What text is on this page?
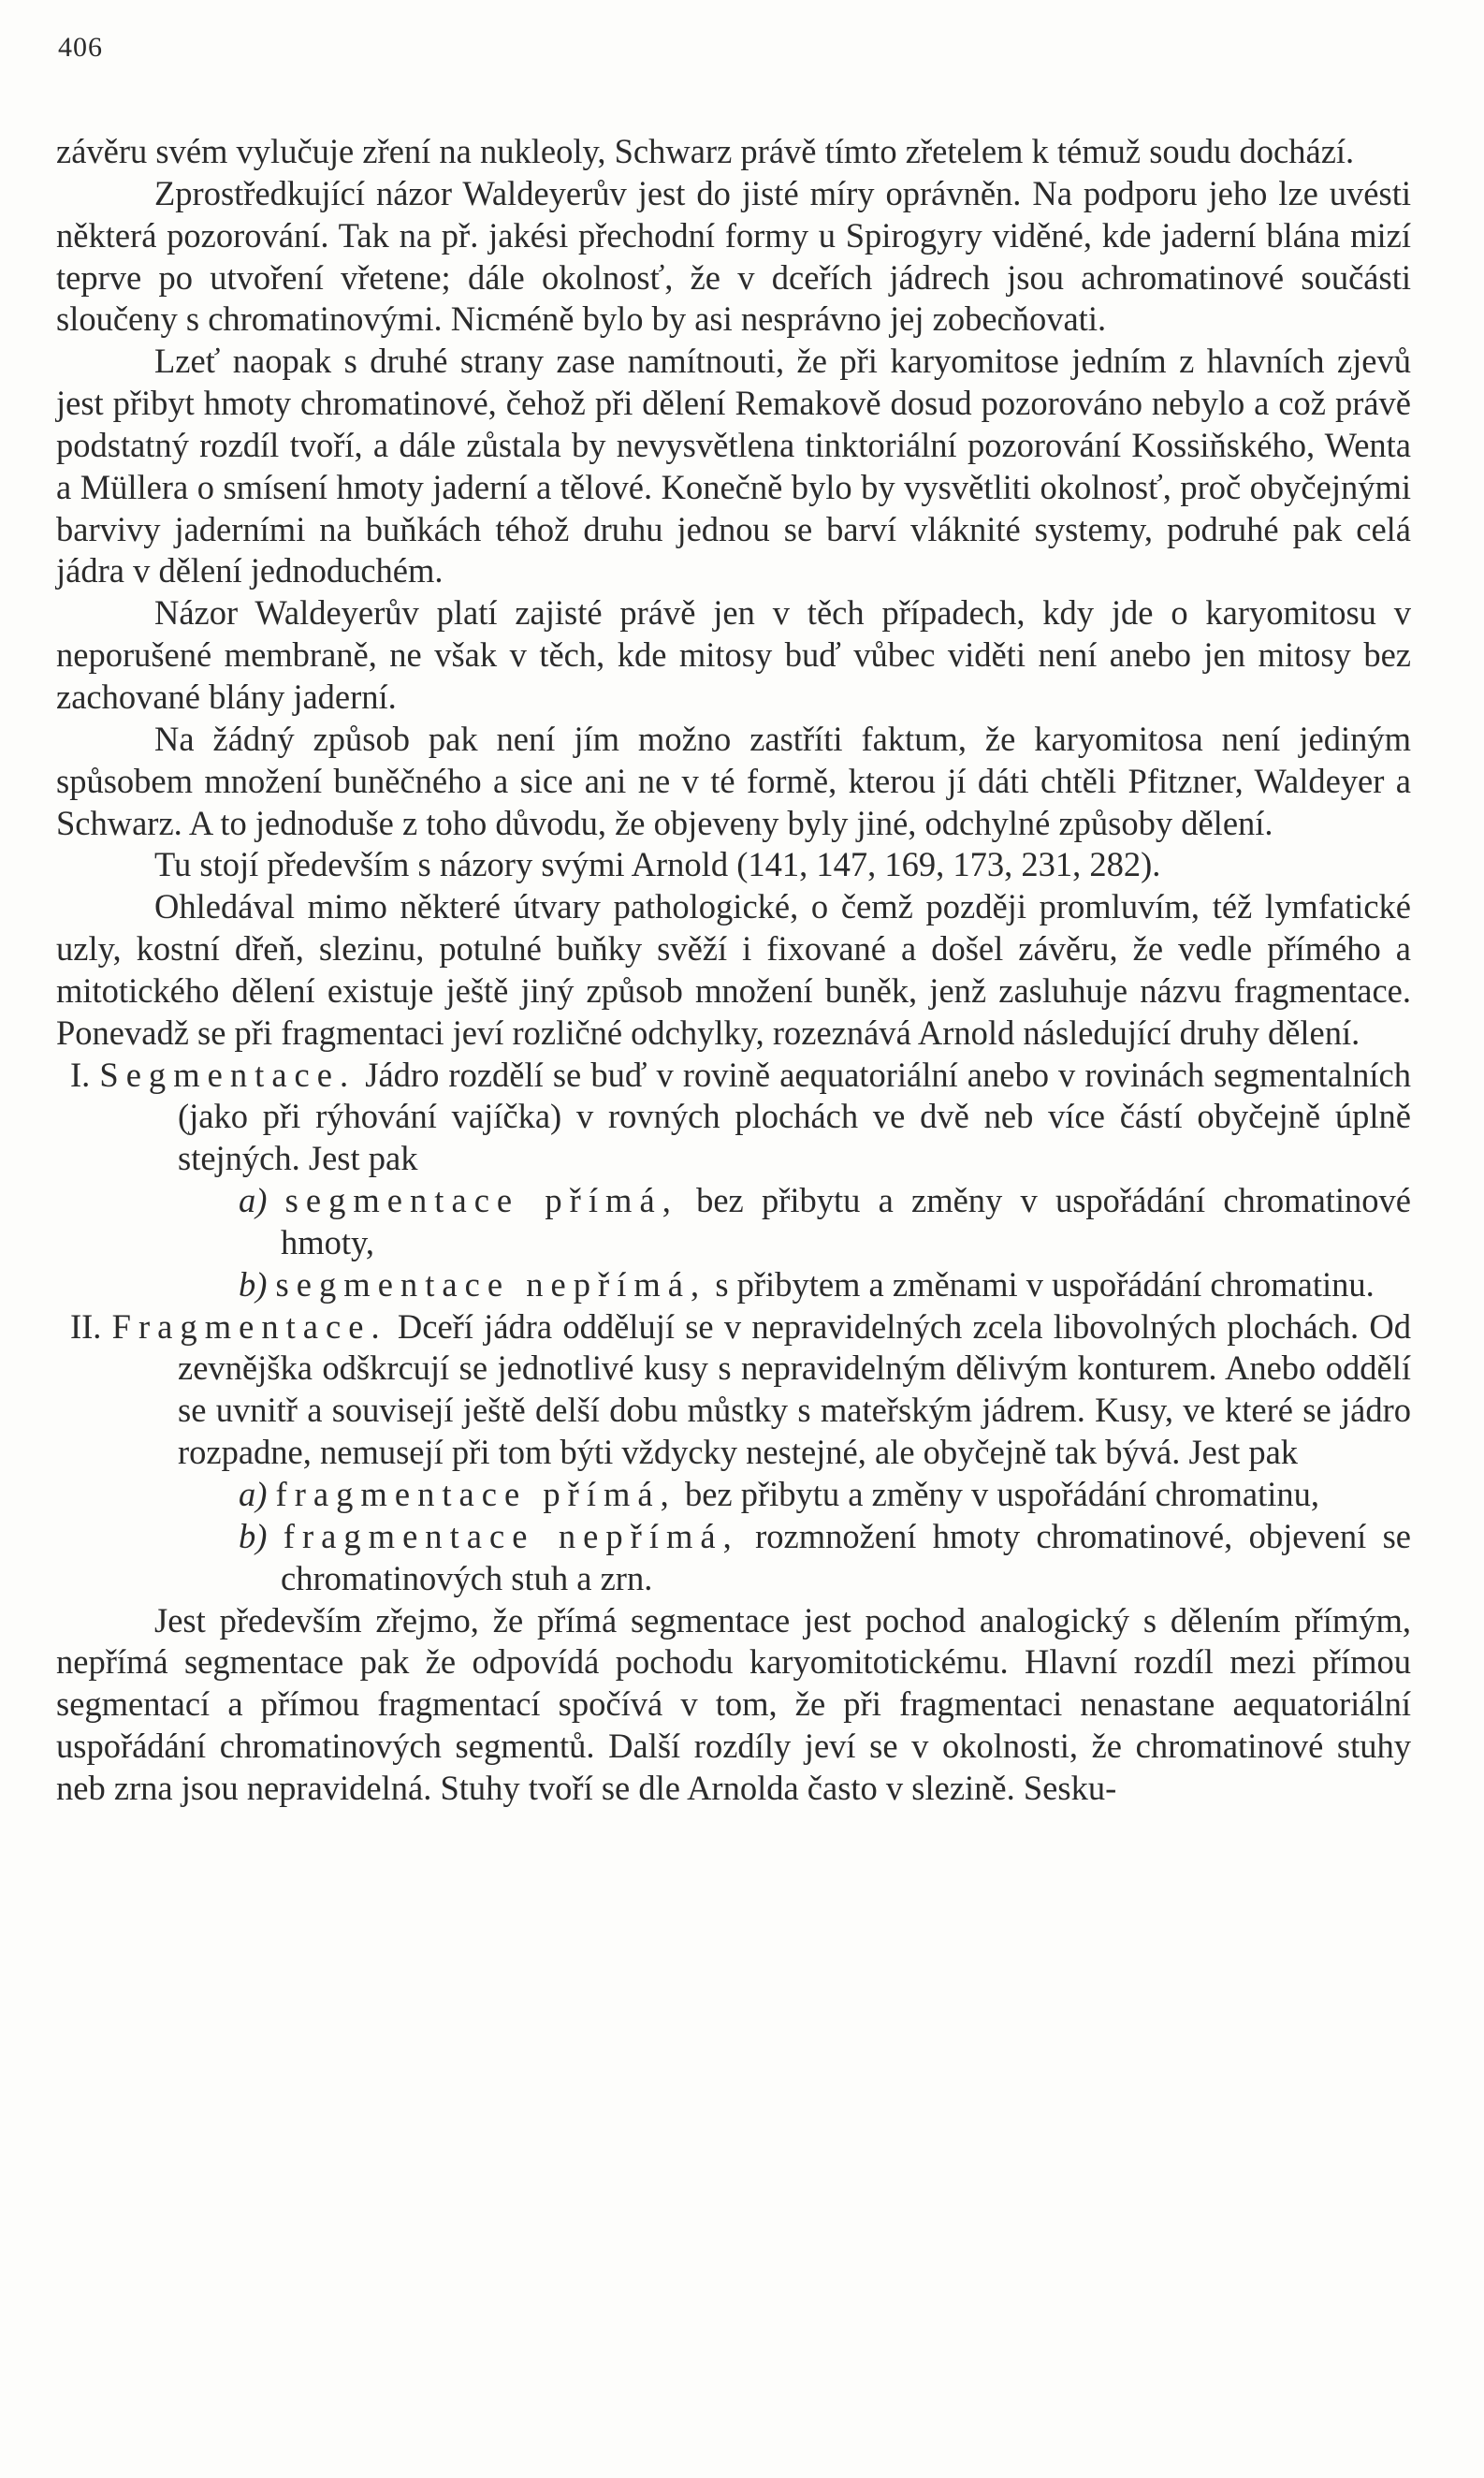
406

závěru svém vylučuje zření na nukleoly, Schwarz právě tímto zřetelem k témuž soudu dochází.

Zprostředkující názor Waldeyerův jest do jisté míry oprávněn. Na podporu jeho lze uvésti některá pozorování. Tak na př. jakési přechodní formy u Spirogyry viděné, kde jaderní blána mizí teprve po utvoření vřetene; dále okolnosť, že v dceřích jádrech jsou achromatinové součásti sloučeny s chromatinovými. Nicméně bylo by asi nesprávno jej zobecňovati.

Lzeť naopak s druhé strany zase namítnouti, že při karyomitose jedním z hlavních zjevů jest přibyt hmoty chromatinové, čehož při dělení Remakově dosud pozorováno nebylo a což právě podstatný rozdíl tvoří, a dále zůstala by nevysvětlena tinktoriální pozorování Kossiňského, Wenta a Müllera o smísení hmoty jaderní a tělové. Konečně bylo by vysvětliti okolnosť, proč obyčejnými barvivy jaderními na buňkách téhož druhu jednou se barví vláknité systemy, podruhé pak celá jádra v dělení jednoduchém.

Názor Waldeyerův platí zajisté právě jen v těch případech, kdy jde o karyomitosu v neporušené membraně, ne však v těch, kde mitosy buď vůbec viděti není anebo jen mitosy bez zachované blány jaderní.

Na žádný způsob pak není jím možno zastříti faktum, že karyomitosa není jediným spůsobem množení buněčného a sice ani ne v té formě, kterou jí dáti chtěli Pfitzner, Waldeyer a Schwarz. A to jednoduše z toho důvodu, že objeveny byly jiné, odchylné způsoby dělení.

Tu stojí především s názory svými Arnold (141, 147, 169, 173, 231, 282).

Ohledával mimo některé útvary pathologické, o čemž později promluvím, též lymfatické uzly, kostní dřeň, slezinu, potulné buňky svěží i fixované a došel závěru, že vedle přímého a mitotického dělení existuje ještě jiný způsob množení buněk, jenž zasluhuje názvu fragmentace. Ponevadž se při fragmentaci jeví rozličné odchylky, rozeznává Arnold následující druhy dělení.

I. Segmentace. Jádro rozdělí se buď v rovině aequatoriální anebo v rovinách segmentalních (jako při rýhování vajíčka) v rovných plochách ve dvě neb více částí obyčejně úplně stejných. Jest pak

a) segmentace přímá, bez přibytu a změny v uspořádání chromatinové hmoty,

b) segmentace nepřímá, s přibytem a změnami v uspořádání chromatinu.

II. Fragmentace. Dceří jádra oddělují se v nepravidelných zcela libovolných plochách. Od zevnějška odškrcují se jednotlivé kusy s nepravidelným dělivým konturem. Anebo oddělí se uvnitř a souvisejí ještě delší dobu můstky s mateřským jádrem. Kusy, ve které se jádro rozpadne, nemusejí při tom býti vždycky nestejné, ale obyčejně tak bývá. Jest pak

a) fragmentace přímá, bez přibytu a změny v uspořádání chromatinu,

b) fragmentace nepřímá, rozmnožení hmoty chromatinové, objevení se chromatinových stuh a zrn.

Jest především zřejmo, že přímá segmentace jest pochod analogický s dělením přímým, nepřímá segmentace pak že odpovídá pochodu karyomitotickému. Hlavní rozdíl mezi přímou segmentací a přímou fragmentací spočívá v tom, že při fragmentaci nenastane aequatoriální uspořádání chromatinových segmentů. Další rozdíly jeví se v okolnosti, že chromatinové stuhy neb zrna jsou nepravidelná. Stuhy tvoří se dle Arnolda často v slezině. Sesku-
